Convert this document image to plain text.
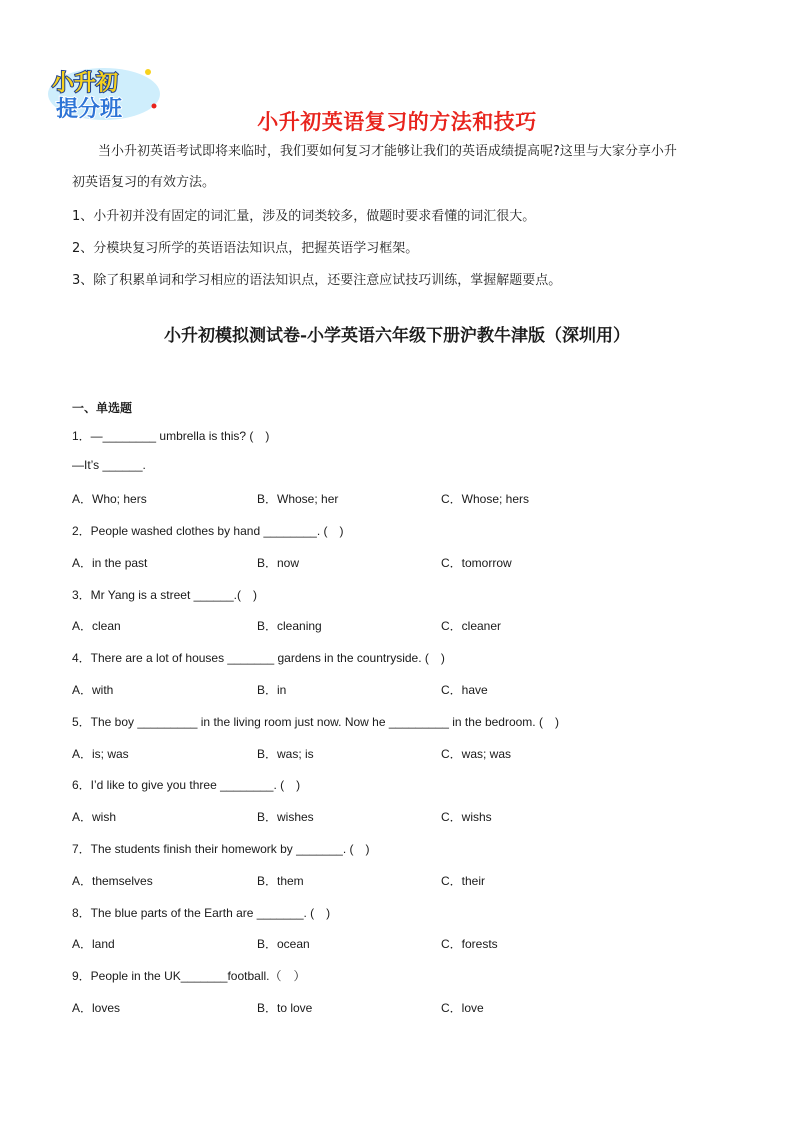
小升初
提分班	小升初英语复习的方法和技巧
当小升初英语考试即将来临时，我们要如何复习才能够让我们的英语成绩提高呢?这里与大家分享小升
初英语复习的有效方法。
1、小升初并没有固定的词汇量，涉及的词类较多，做题时要求看懂的词汇很大。
2、分模块复习所学的英语语法知识点，把握英语学习框架。
3、除了积累单词和学习相应的语法知识点，还要注意应试技巧训练，掌握解题要点。
小升初模拟测试卷-小学英语六年级下册沪教牛津版（深圳用）
一、单选题
1．—________ umbrella is this? (　)
—It’s ______.
A．Who; hers	B．Whose; her	C．Whose; hers
2．People washed clothes by hand ________. (　)
A．in the past	B．now	C．tomorrow
3．Mr Yang is a street ______.(　)
A．clean	B．cleaning	C．cleaner
4．There are a lot of houses _______ gardens in the countryside. (　)
A．with	B．in	C．have
5．The boy _________ in the living room just now. Now he _________ in the bedroom. (　)
A．is; was	B．was; is	C．was; was
6．I’d like to give you three ________. (　)
A．wish	B．wishes	C．wishs
7．The students finish their homework by _______. (　)
A．themselves	B．them	C．their
8．The blue parts of the Earth are _______. (　)
A．land	B．ocean	C．forests
9．People in the UK_______football.（　）
A．loves	B．to love	C．love
